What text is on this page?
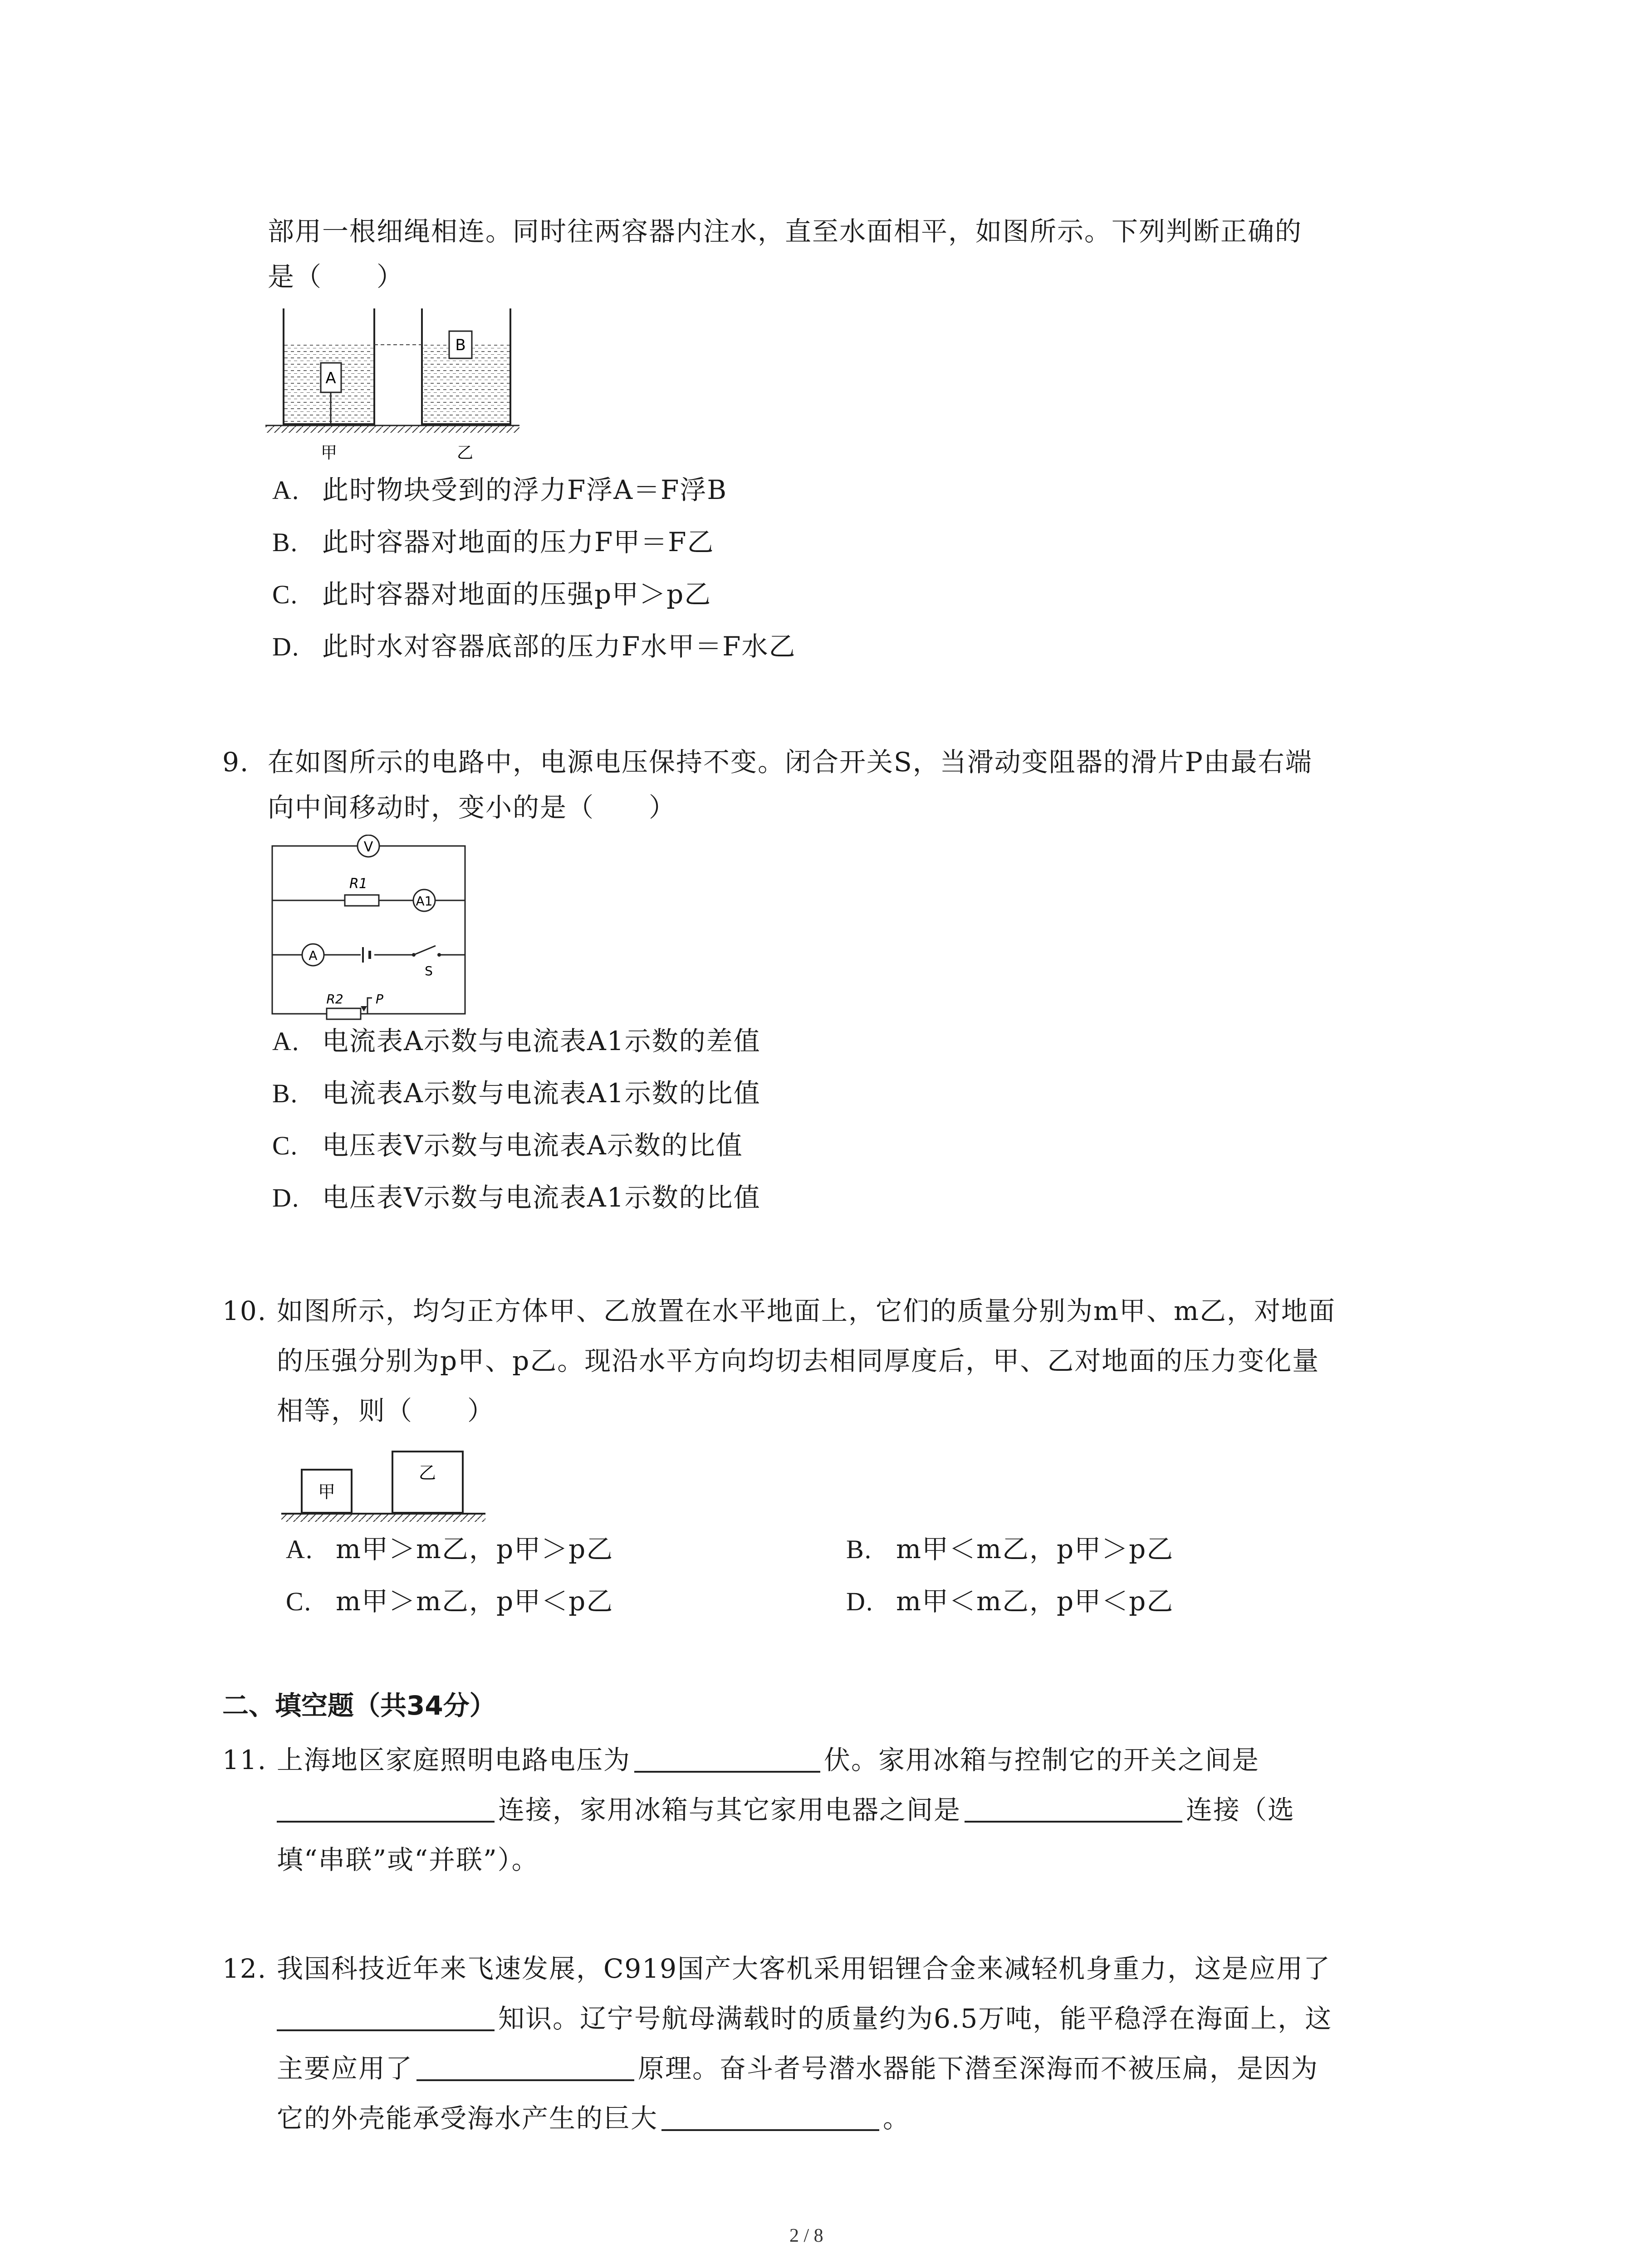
部用一根细绳相连。同时往两容器内注水，直至水面相平，如图所示。下列判断正确的
是（　　）
A
B
甲	乙
A. 此时物块受到的浮力F浮A＝F浮B
B. 此时容器对地面的压力F甲＝F乙
C. 此时容器对地面的压强p甲＞p乙
D. 此时水对容器底部的压力F水甲＝F水乙
9. 在如图所示的电路中，电源电压保持不变。闭合开关S，当滑动变阻器的滑片P由最右端
向中间移动时，变小的是（　　）
V
R1
A1
A
S
R2	P
A. 电流表A示数与电流表A1示数的差值
B. 电流表A示数与电流表A1示数的比值
C. 电压表V示数与电流表A示数的比值
D. 电压表V示数与电流表A1示数的比值
10. 如图所示，均匀正方体甲、乙放置在水平地面上，它们的质量分别为m甲、m乙，对地面
的压强分别为p甲、p乙。现沿水平方向均切去相同厚度后，甲、乙对地面的压力变化量
相等，则（　　）
甲
乙
A. m甲＞m乙，p甲＞p乙	B. m甲＜m乙，p甲＞p乙
C. m甲＞m乙，p甲＜p乙	D. m甲＜m乙，p甲＜p乙
二、填空题（共34分）
11. 上海地区家庭照明电路电压为	伏。家用冰箱与控制它的开关之间是
连接，家用冰箱与其它家用电器之间是	连接（选
填“串联”或“并联”）。
12. 我国科技近年来飞速发展，C919国产大客机采用铝锂合金来减轻机身重力，这是应用了
知识。辽宁号航母满载时的质量约为6.5万吨，能平稳浮在海面上，这
主要应用了	原理。奋斗者号潜水器能下潜至深海而不被压扁，是因为
它的外壳能承受海水产生的巨大	。
2 / 8
